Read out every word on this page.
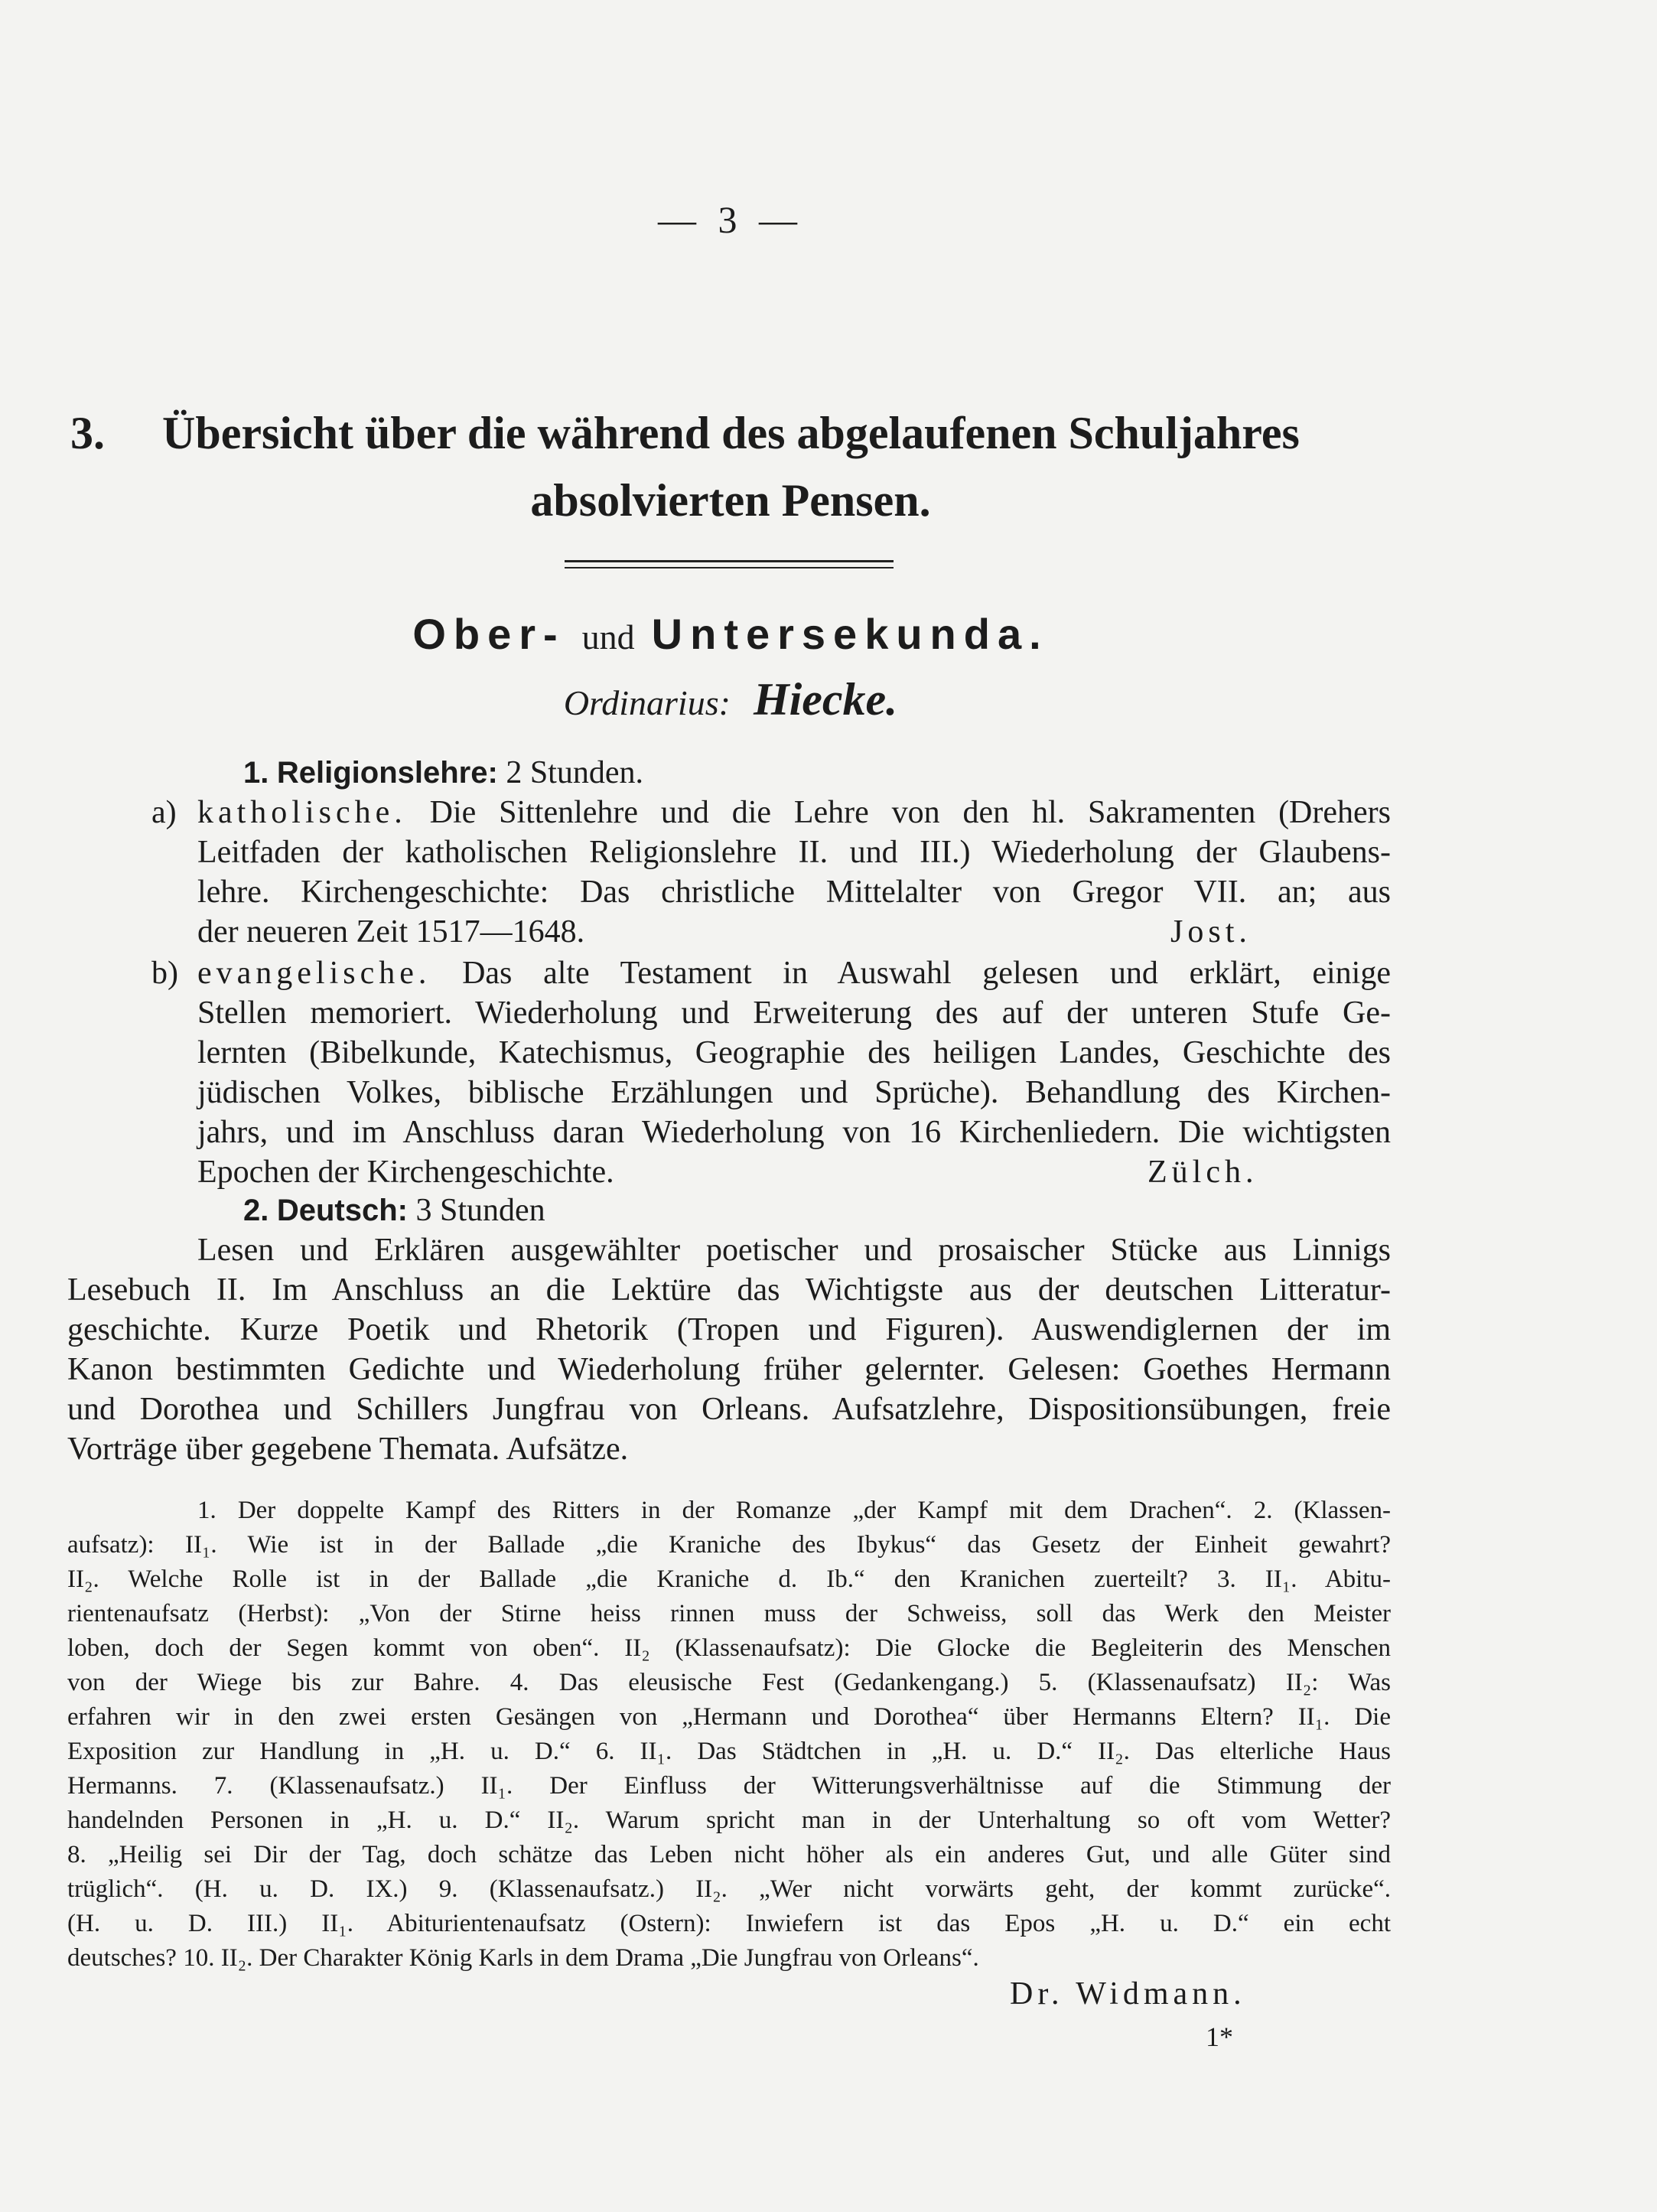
— 3 —
3. Übersicht über die während des abgelaufenen Schuljahres
absolvierten Pensen.
Ober- und Untersekunda.
Ordinarius: Hiecke.
1. Religionslehre: 2 Stunden.
a) katholische. Die Sittenlehre und die Lehre von den hl. Sakramenten (Drehers
Leitfaden der katholischen Religionslehre II. und III.) Wiederholung der Glaubens-
lehre. Kirchengeschichte: Das christliche Mittelalter von Gregor VII. an; aus
der neueren Zeit 1517—1648.	Jost.
b) evangelische. Das alte Testament in Auswahl gelesen und erklärt, einige
Stellen memoriert. Wiederholung und Erweiterung des auf der unteren Stufe Ge-
lernten (Bibelkunde, Katechismus, Geographie des heiligen Landes, Geschichte des
jüdischen Volkes, biblische Erzählungen und Sprüche). Behandlung des Kirchen-
jahrs, und im Anschluss daran Wiederholung von 16 Kirchenliedern. Die wichtigsten
Epochen der Kirchengeschichte.	Zülch.
2. Deutsch: 3 Stunden
Lesen und Erklären ausgewählter poetischer und prosaischer Stücke aus Linnigs
Lesebuch II. Im Anschluss an die Lektüre das Wichtigste aus der deutschen Litteratur-
geschichte. Kurze Poetik und Rhetorik (Tropen und Figuren). Auswendiglernen der im
Kanon bestimmten Gedichte und Wiederholung früher gelernter. Gelesen: Goethes Hermann
und Dorothea und Schillers Jungfrau von Orleans. Aufsatzlehre, Dispositionsübungen, freie
Vorträge über gegebene Themata. Aufsätze.
1. Der doppelte Kampf des Ritters in der Romanze „der Kampf mit dem Drachen“. 2. (Klassen-
aufsatz): II₁. Wie ist in der Ballade „die Kraniche des Ibykus“ das Gesetz der Einheit gewahrt?
II₂. Welche Rolle ist in der Ballade „die Kraniche d. Ib.“ den Kranichen zuerteilt? 3. II₁. Abitu-
rientenaufsatz (Herbst): „Von der Stirne heiss rinnen muss der Schweiss, soll das Werk den Meister
loben, doch der Segen kommt von oben“. II₂ (Klassenaufsatz): Die Glocke die Begleiterin des Menschen
von der Wiege bis zur Bahre. 4. Das eleusische Fest (Gedankengang.) 5. (Klassenaufsatz) II₂: Was
erfahren wir in den zwei ersten Gesängen von „Hermann und Dorothea“ über Hermanns Eltern? II₁. Die
Exposition zur Handlung in „H. u. D.“ 6. II₁. Das Städtchen in „H. u. D.“ II₂. Das elterliche Haus
Hermanns. 7. (Klassenaufsatz.) II₁. Der Einfluss der Witterungsverhältnisse auf die Stimmung der
handelnden Personen in „H. u. D.“ II₂. Warum spricht man in der Unterhaltung so oft vom Wetter?
8. „Heilig sei Dir der Tag, doch schätze das Leben nicht höher als ein anderes Gut, und alle Güter sind
trüglich“. (H. u. D. IX.) 9. (Klassenaufsatz.) II₂. „Wer nicht vorwärts geht, der kommt zurücke“.
(H. u. D. III.) II₁. Abiturientenaufsatz (Ostern): Inwiefern ist das Epos „H. u. D.“ ein echt
deutsches? 10. II₂. Der Charakter König Karls in dem Drama „Die Jungfrau von Orleans“.
Dr. Widmann.
1*
